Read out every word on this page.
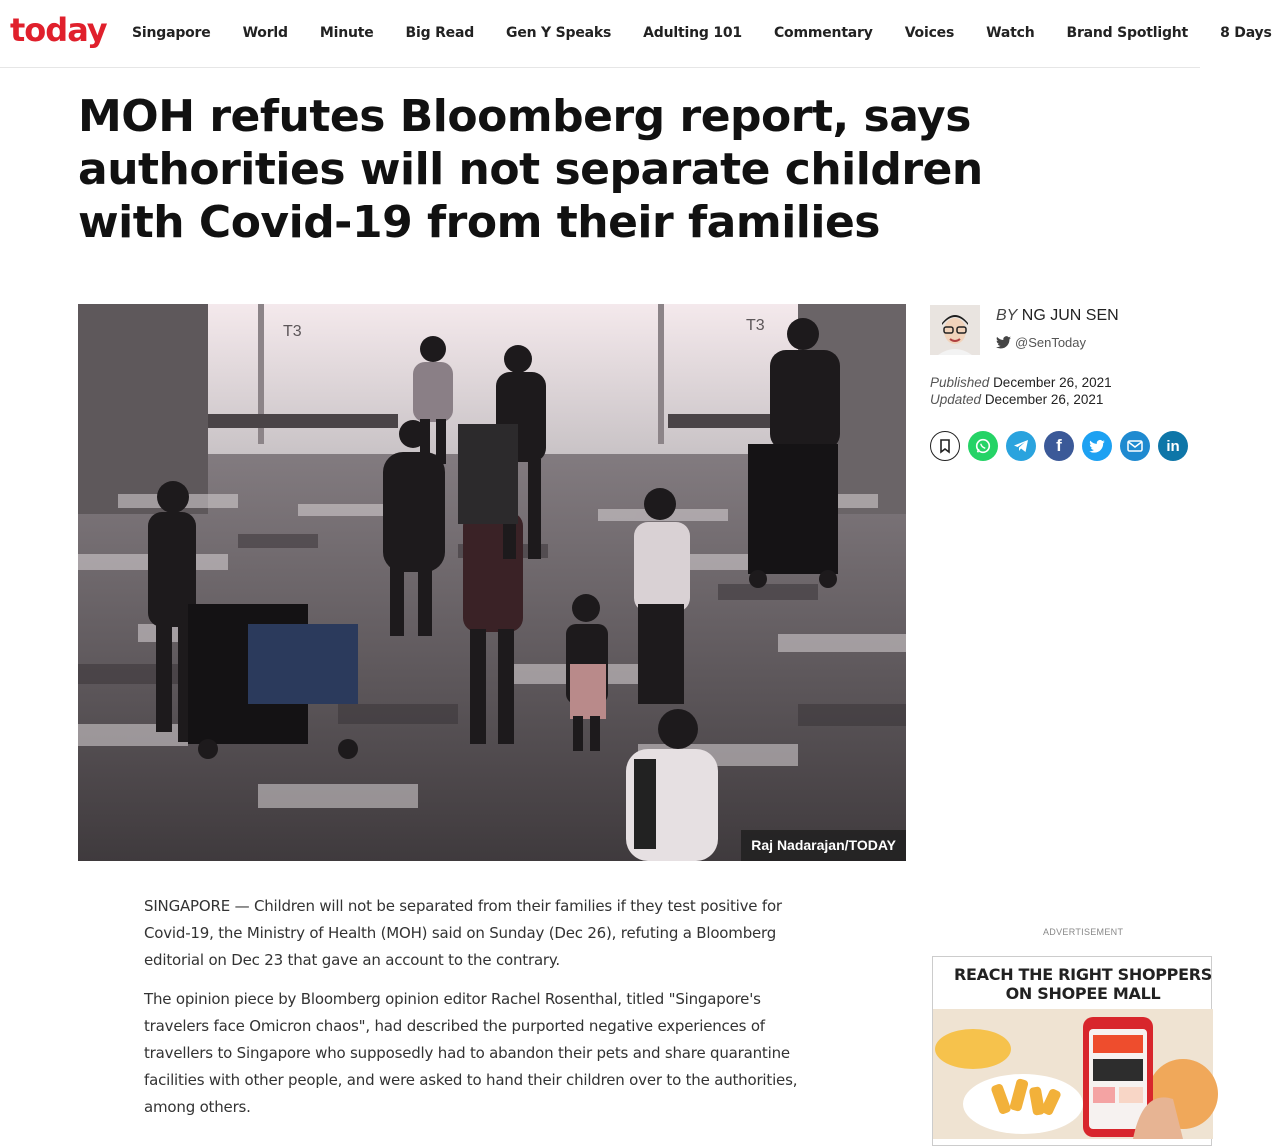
today	Singapore	World	Minute	Big Read	Gen Y Speaks	Adulting 101	Commentary	Voices	Watch	Brand Spotlight	8 Days
MOH refutes Bloomberg report, says authorities will not separate children with Covid-19 from their families
T3	T3
Raj Nadarajan/TODAY
BY NG JUN SEN
@SenToday
Published December 26, 2021
Updated December 26, 2021
f	in

SINGAPORE — Children will not be separated from their families if they test positive for Covid-19, the Ministry of Health (MOH) said on Sunday (Dec 26), refuting a Bloomberg editorial on Dec 23 that gave an account to the contrary.

The opinion piece by Bloomberg opinion editor Rachel Rosenthal, titled "Singapore's travelers face Omicron chaos", had described the purported negative experiences of travellers to Singapore who supposedly had to abandon their pets and share quarantine facilities with other people, and were asked to hand their children over to the authorities, among others.

ADVERTISEMENT
REACH THE RIGHT SHOPPERS
ON SHOPEE MALL
